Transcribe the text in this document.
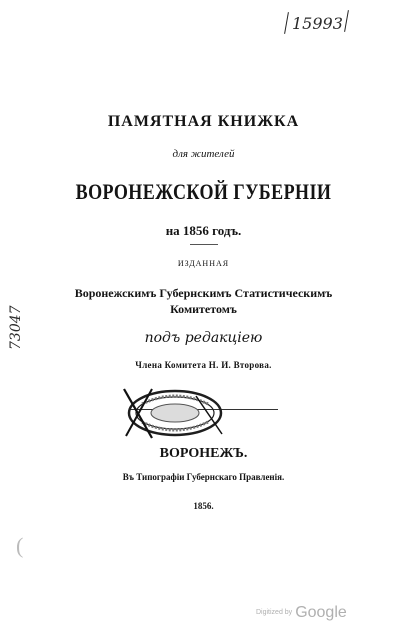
15993
ПАМЯТНАЯ КНИЖКА
для жителей
ВОРОНЕЖСКОЙ ГУБЕРНІИ
на 1856 годъ.
ИЗДАННАЯ
Воронежскимъ Губернскимъ Статистическимъ
Комитетомъ
подъ редакціею
Члена Комитета Н. И. Второва.
73047
ВОРОНЕЖЪ.
Въ Типографіи Губернскаго Правленія.
1856.
(
Digitized by Google
